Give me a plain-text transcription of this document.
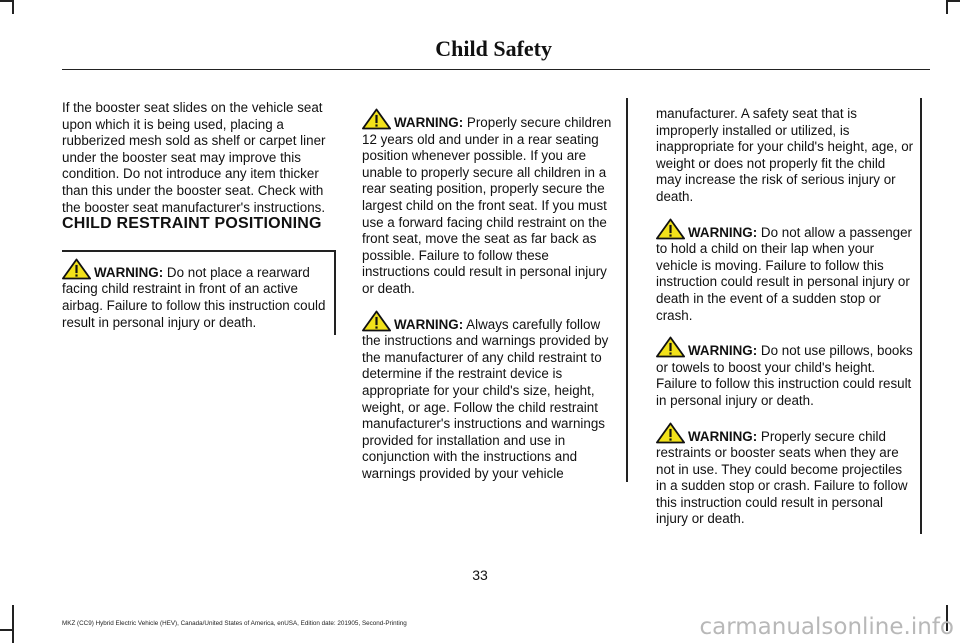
Child Safety

If the booster seat slides on the vehicle seat upon which it is being used, placing a rubberized mesh sold as shelf or carpet liner under the booster seat may improve this condition. Do not introduce any item thicker than this under the booster seat. Check with the booster seat manufacturer's instructions.

CHILD RESTRAINT POSITIONING

WARNING: Do not place a rearward facing child restraint in front of an active airbag. Failure to follow this instruction could result in personal injury or death.
WARNING: Properly secure children 12 years old and under in a rear seating position whenever possible. If you are unable to properly secure all children in a rear seating position, properly secure the largest child on the front seat. If you must use a forward facing child restraint on the front seat, move the seat as far back as possible. Failure to follow these instructions could result in personal injury or death.
WARNING: Always carefully follow the instructions and warnings provided by the manufacturer of any child restraint to determine if the restraint device is appropriate for your child's size, height, weight, or age. Follow the child restraint manufacturer's instructions and warnings provided for installation and use in conjunction with the instructions and warnings provided by your vehicle

manufacturer. A safety seat that is improperly installed or utilized, is inappropriate for your child's height, age, or weight or does not properly fit the child may increase the risk of serious injury or death.

WARNING: Do not allow a passenger to hold a child on their lap when your vehicle is moving. Failure to follow this instruction could result in personal injury or death in the event of a sudden stop or crash.
WARNING: Do not use pillows, books or towels to boost your child's height. Failure to follow this instruction could result in personal injury or death.
WARNING: Properly secure child restraints or booster seats when they are not in use. They could become projectiles in a sudden stop or crash. Failure to follow this instruction could result in personal injury or death.
33
MKZ (CC9) Hybrid Electric Vehicle (HEV), Canada/United States of America, enUSA, Edition date: 201905, Second-Printing	carmanualsonline.info
